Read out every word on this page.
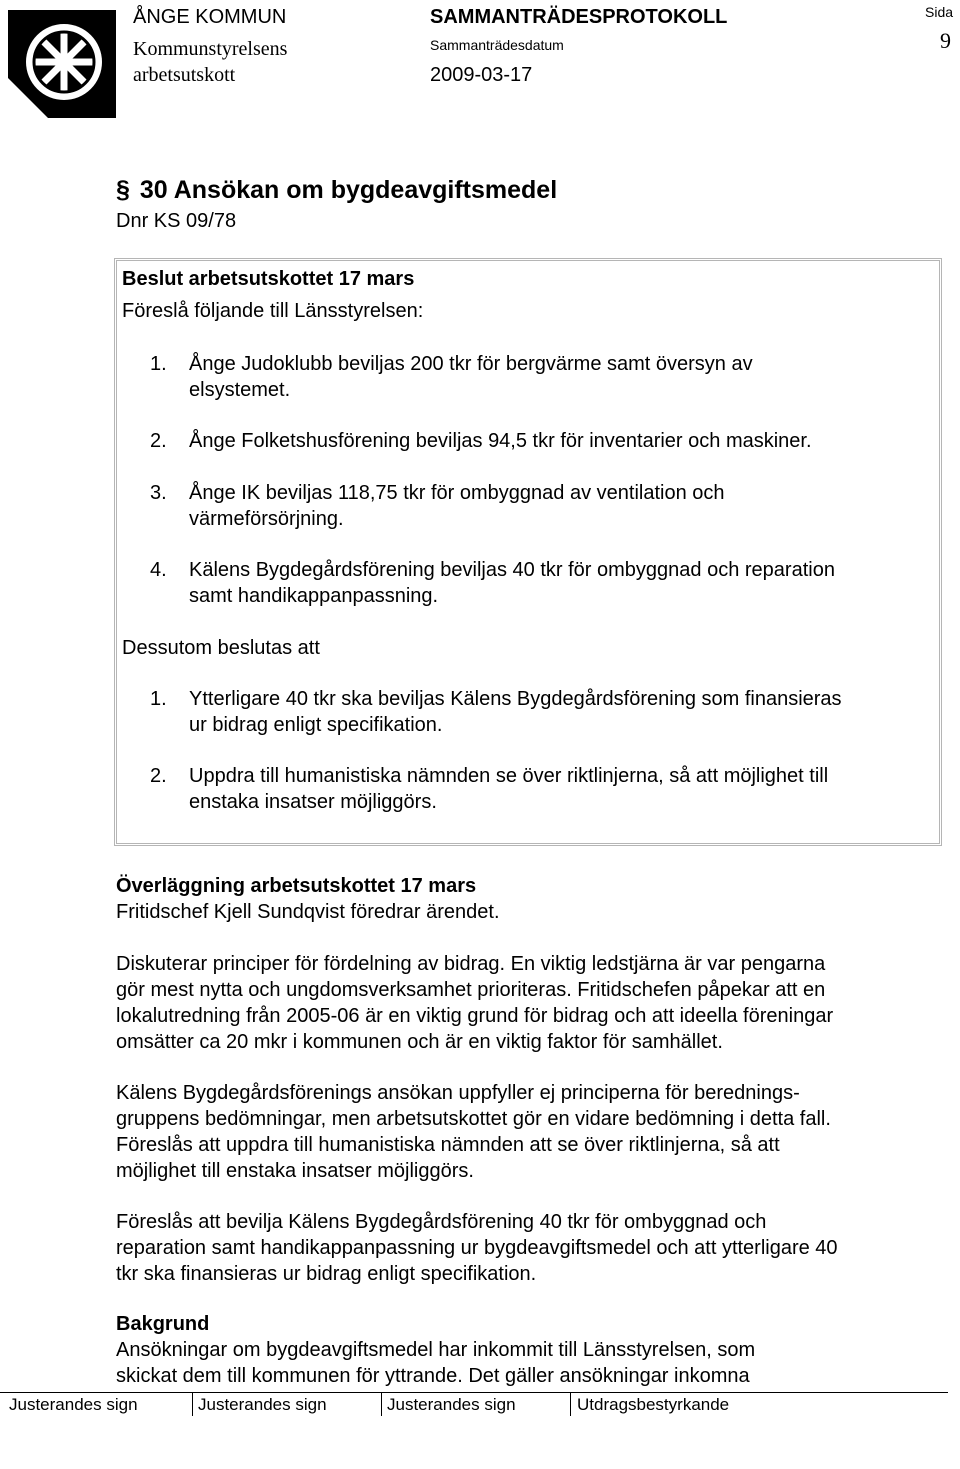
ÅNGE KOMMUN
Kommunstyrelsens
arbetsutskott
SAMMANTRÄDESPROTOKOLL
Sammanträdesdatum
2009-03-17
Sida
9
§ 30 Ansökan om bygdeavgiftsmedel
Dnr KS 09/78
Beslut arbetsutskottet 17 mars
Föreslå följande till Länsstyrelsen:
1.	Ånge Judoklubb beviljas 200 tkr för bergvärme samt översyn av
elsystemet.
2.	Ånge Folketshusförening beviljas 94,5 tkr för inventarier och maskiner.
3.	Ånge IK beviljas 118,75 tkr för ombyggnad av ventilation och
värmeförsörjning.
4.	Kälens Bygdegårdsförening beviljas 40 tkr för ombyggnad och reparation
samt handikappanpassning.
Dessutom beslutas att
1.	Ytterligare 40 tkr ska beviljas Kälens Bygdegårdsförening som finansieras
ur bidrag enligt specifikation.
2.	Uppdra till humanistiska nämnden se över riktlinjerna, så att möjlighet till
enstaka insatser möjliggörs.
Överläggning arbetsutskottet 17 mars
Fritidschef Kjell Sundqvist föredrar ärendet.
Diskuterar principer för fördelning av bidrag. En viktig ledstjärna är var pengarna
gör mest nytta och ungdomsverksamhet prioriteras. Fritidschefen påpekar att en
lokalutredning från 2005-06 är en viktig grund för bidrag och att ideella föreningar
omsätter ca 20 mkr i kommunen och är en viktig faktor för samhället.
Kälens Bygdegårdsförenings ansökan uppfyller ej principerna för berednings-
gruppens bedömningar, men arbetsutskottet gör en vidare bedömning i detta fall.
Föreslås att uppdra till humanistiska nämnden att se över riktlinjerna, så att
möjlighet till enstaka insatser möjliggörs.
Föreslås att bevilja Kälens Bygdegårdsförening 40 tkr för ombyggnad och
reparation samt handikappanpassning ur bygdeavgiftsmedel och att ytterligare 40
tkr ska finansieras ur bidrag enligt specifikation.
Bakgrund
Ansökningar om bygdeavgiftsmedel har inkommit till Länsstyrelsen, som
skickat dem till kommunen för yttrande. Det gäller ansökningar inkomna
Justerandes sign	Justerandes sign	Justerandes sign	Utdragsbestyrkande
